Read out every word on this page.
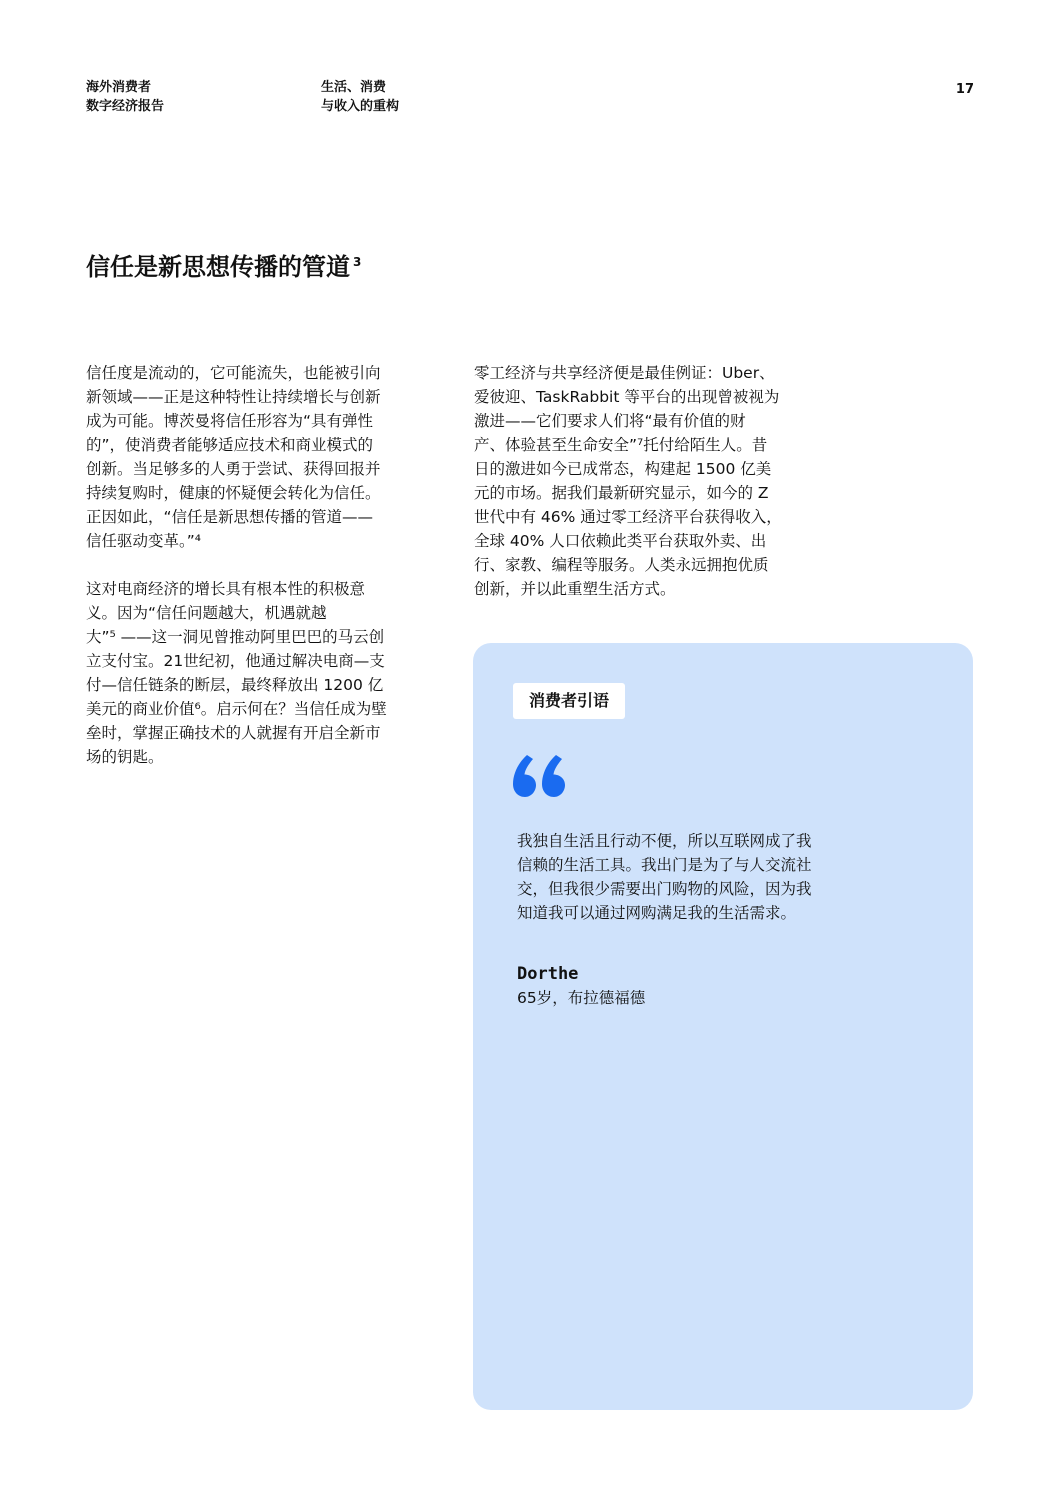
海外消费者
数字经济报告
生活、消费
与收入的重构
17
信任是新思想传播的管道 $^3$

信任度是流动的，它可能流失，也能被引向
新领域——正是这种特性让持续增长与创新
成为可能。博茨曼将信任形容为“具有弹性
的”，使消费者能够适应技术和商业模式的
创新。当足够多的人勇于尝试、获得回报并
持续复购时，健康的怀疑便会转化为信任。
正因如此，“信任是新思想传播的管道——
信任驱动变革。”⁴

这对电商经济的增长具有根本性的积极意
义。因为“信任问题越大，机遇就越
大”⁵ ——这一洞见曾推动阿里巴巴的马云创
立支付宝。21世纪初，他通过解决电商—支
付—信任链条的断层，最终释放出 1200 亿
美元的商业价值⁶。启示何在？当信任成为壁
垒时，掌握正确技术的人就握有开启全新市
场的钥匙。

零工经济与共享经济便是最佳例证：Uber、
爱彼迎、TaskRabbit 等平台的出现曾被视为
激进——它们要求人们将“最有价值的财
产、体验甚至生命安全”⁷托付给陌生人。昔
日的激进如今已成常态，构建起 1500 亿美
元的市场。据我们最新研究显示，如今的 Z
世代中有 46% 通过零工经济平台获得收入，
全球 40% 人口依赖此类平台获取外卖、出
行、家教、编程等服务。人类永远拥抱优质
创新，并以此重塑生活方式。

消费者引语
我独自生活且行动不便，所以互联网成了我
信赖的生活工具。我出门是为了与人交流社
交，但我很少需要出门购物的风险，因为我
知道我可以通过网购满足我的生活需求。
Dorthe
65岁，布拉德福德
